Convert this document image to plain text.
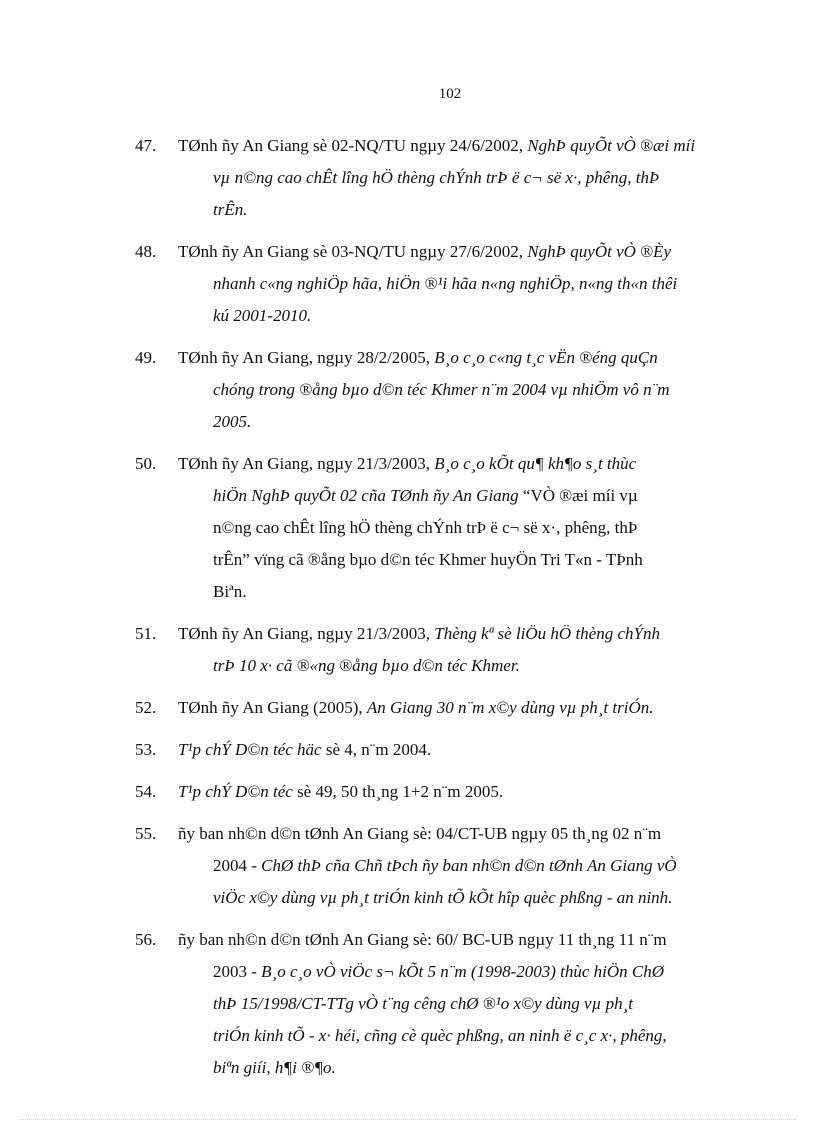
102
47. TØnh ñy An Giang sè 02-NQ/TU ngµy 24/6/2002, NghÞ quyÕt vÒ ®æi míi
vµ n©ng cao chÊt lîng hÖ thèng chÝnh trÞ ë c¬ së x·, phêng, thÞ
trÊn.
48. TØnh ñy An Giang sè 03-NQ/TU ngµy 27/6/2002, NghÞ quyÕt vÒ ®Èy
nhanh c«ng nghiÖp hãa, hiÖn ®¹i hãa n«ng nghiÖp, n«ng th«n thêi
kú 2001-2010.
49. TØnh ñy An Giang, ngµy 28/2/2005, B¸o c¸o c«ng t¸c vËn ®éng quÇn
chóng trong ®ång bµo d©n téc Khmer n¨m 2004 vµ nhiÖm vô n¨m
2005.
50. TØnh ñy An Giang, ngµy 21/3/2003, B¸o c¸o kÕt qu¶ kh¶o s¸t thùc
hiÖn NghÞ quyÕt 02 cña TØnh ñy An Giang “VÒ ®æi míi vµ
n©ng cao chÊt lîng hÖ thèng chÝnh trÞ ë c¬ së x·, phêng, thÞ
trÊn” vïng cã ®ång bµo d©n téc Khmer huyÖn Tri T«n - TÞnh
Biªn.
51. TØnh ñy An Giang, ngµy 21/3/2003, Thèng kª sè liÖu hÖ thèng chÝnh
trÞ 10 x· cã ®«ng ®ång bµo d©n téc Khmer.
52. TØnh ñy An Giang (2005), An Giang 30 n¨m x©y dùng vµ ph¸t triÓn.
53. T¹p chÝ D©n téc häc sè 4, n¨m 2004.
54. T¹p chÝ D©n téc sè 49, 50 th¸ng 1+2 n¨m 2005.
55. ñy ban nh©n d©n tØnh An Giang sè: 04/CT-UB ngµy 05 th¸ng 02 n¨m
2004 - ChØ thÞ cña Chñ tÞch ñy ban nh©n d©n tØnh An Giang vÒ
viÖc x©y dùng vµ ph¸t triÓn kinh tÕ kÕt hîp quèc phßng - an ninh.
56. ñy ban nh©n d©n tØnh An Giang sè: 60/ BC-UB ngµy 11 th¸ng 11 n¨m
2003 - B¸o c¸o vÒ viÖc s¬ kÕt 5 n¨m (1998-2003) thùc hiÖn ChØ
thÞ 15/1998/CT-TTg vÒ t¨ng cêng chØ ®¹o x©y dùng vµ ph¸t
triÓn kinh tÕ - x· héi, cñng cè quèc phßng, an ninh ë c¸c x·, phêng,
biªn giíi, h¶i ®¶o.
